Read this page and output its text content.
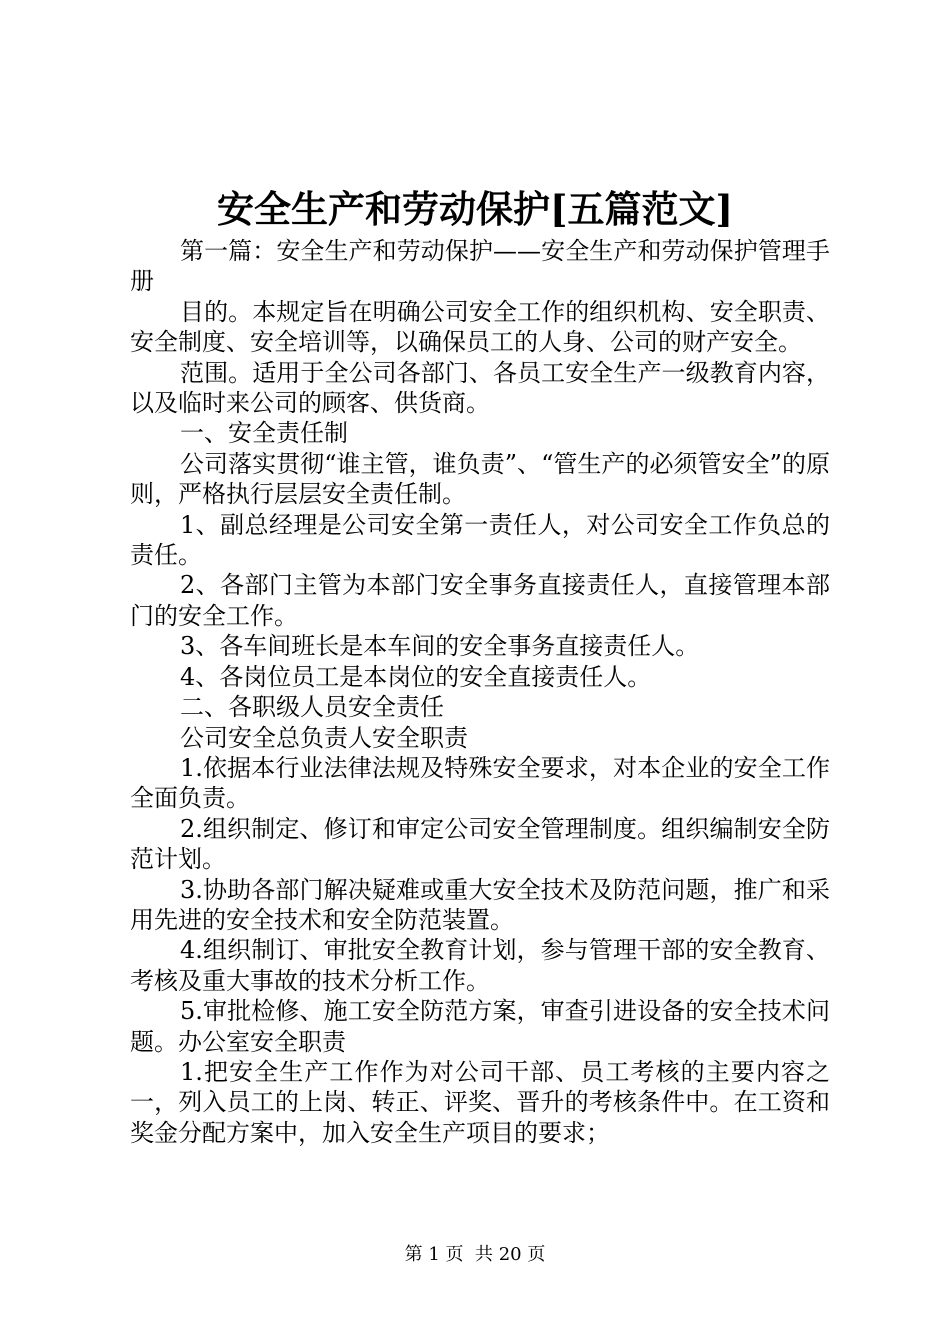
安全生产和劳动保护[五篇范文]

第一篇：安全生产和劳动保护——安全生产和劳动保护管理手册

目的。本规定旨在明确公司安全工作的组织机构、安全职责、安全制度、安全培训等，以确保员工的人身、公司的财产安全。

范围。适用于全公司各部门、各员工安全生产一级教育内容，以及临时来公司的顾客、供货商。

一、安全责任制

公司落实贯彻“谁主管，谁负责”、“管生产的必须管安全”的原则，严格执行层层安全责任制。

1、副总经理是公司安全第一责任人，对公司安全工作负总的责任。

2、各部门主管为本部门安全事务直接责任人，直接管理本部门的安全工作。

3、各车间班长是本车间的安全事务直接责任人。

4、各岗位员工是本岗位的安全直接责任人。

二、各职级人员安全责任

公司安全总负责人安全职责

1.依据本行业法律法规及特殊安全要求，对本企业的安全工作全面负责。

2.组织制定、修订和审定公司安全管理制度。组织编制安全防范计划。

3.协助各部门解决疑难或重大安全技术及防范问题，推广和采用先进的安全技术和安全防范装置。

4.组织制订、审批安全教育计划，参与管理干部的安全教育、考核及重大事故的技术分析工作。

5.审批检修、施工安全防范方案，审查引进设备的安全技术问题。办公室安全职责

1.把安全生产工作作为对公司干部、员工考核的主要内容之一，列入员工的上岗、转正、评奖、晋升的考核条件中。在工资和奖金分配方案中，加入安全生产项目的要求；

第 1 页  共 20 页
